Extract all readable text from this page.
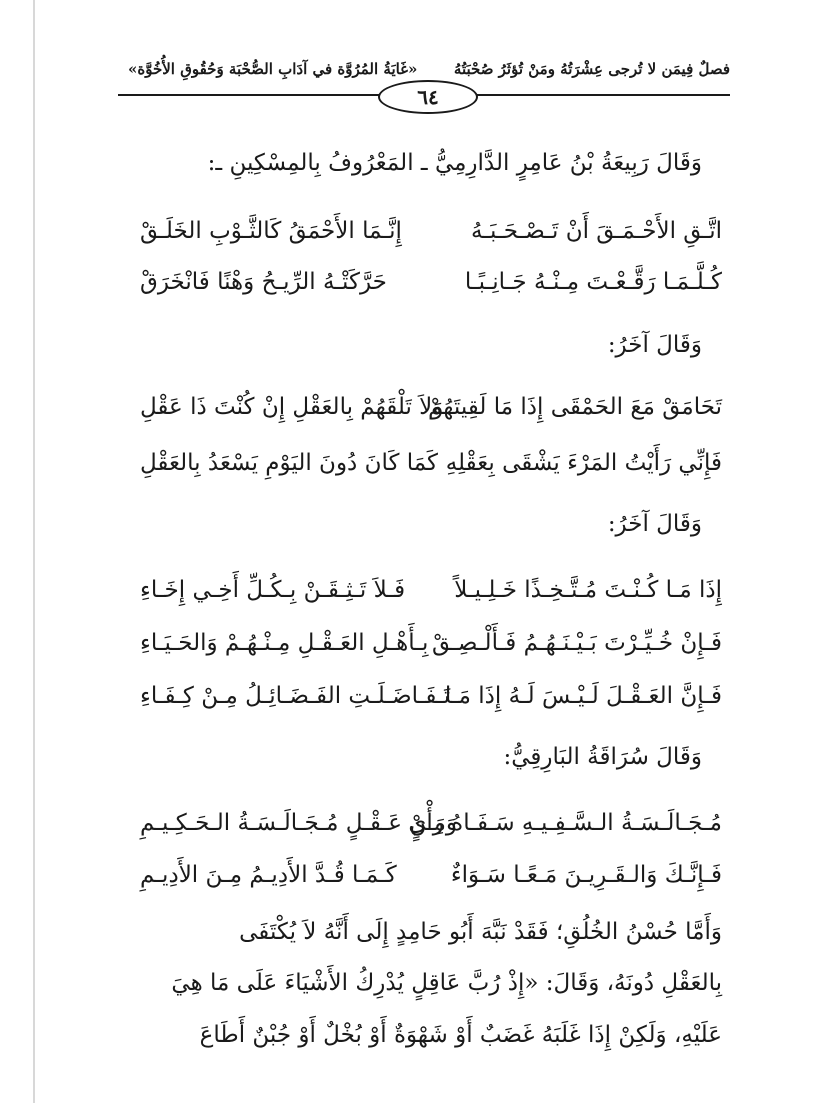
فصلٌ فِيمَن لا تُرجى عِشْرَتُهُ ومَنْ تُؤثَرُ صُحْبَتُهُ
«غَايَةُ المُرُوَّة في آدَابِ الصُّحْبَة وَحُقُوقِ الأُخُوَّة»
٦٤
وَقَالَ رَبِيعَةُ بْنُ عَامِرٍ الدَّارِمِيُّ ـ المَعْرُوفُ بِالمِسْكِينِ ـ:
اتَّـقِ الأَحْـمَـقَ أَنْ تَـصْـحَـبَـهُ
إِنَّـمَا الأَحْمَقُ كَالثَّـوْبِ الخَلَـقْ
كُـلَّـمَـا رَقَّـعْـتَ مِـنْـهُ جَـانِـبًـا
حَرَّكَتْـهُ الرِّيـحُ وَهْنًا فَانْخَرَقْ
وَقَالَ آخَرُ:
تَحَامَقْ مَعَ الحَمْقَى إِذَا مَا لَقِيتَهُمْ
وَلاَ تَلْقَهُمْ بِالعَقْلِ إِنْ كُنْتَ ذَا عَقْلِ
فَإِنِّي رَأَيْتُ المَرْءَ يَشْقَى بِعَقْلِهِ
كَمَا كَانَ دُونَ اليَوْمِ يَسْعَدُ بِالعَقْلِ
وَقَالَ آخَرُ:
إِذَا مَـا كُـنْـتَ مُـتَّـخِـذًا خَـلِـيـلاً
فَـلاَ تَـثِـقَـنْ بِـكُـلِّ أَخِـي إِخَـاءِ
فَـإِنْ خُـيِّـرْتَ بَـيْـنَـهُـمُ فَـأَلْـصِـقْ
بِـأَهْـلِ العَـقْـلِ مِـنْـهُـمْ وَالحَـيَـاءِ
فَـإِنَّ العَـقْـلَ لَـيْـسَ لَـهُ إِذَا مَـا
تَـفَـاضَـلَـتِ الفَـضَـائِـلُ مِـنْ كِـفَـاءِ
وَقَالَ سُرَاقَةُ البَارِقِيُّ:
مُـجَـالَـسَـةُ الـسَّـفِـيـهِ سَـفَـاهُ رَأْيٍ
وَمِـنْ عَـقْـلٍ مُـجَـالَـسَـةُ الـحَـكِـيـمِ
فَـإِنَّـكَ وَالـقَـرِيـنَ مَـعًـا سَـوَاءٌ
كَـمَـا قُـدَّ الأَدِيـمُ مِـنَ الأَدِيـمِ
وَأَمَّا حُسْنُ الخُلُقِ؛ فَقَدْ نَبَّهَ أَبُو حَامِدٍ إِلَى أَنَّهُ لاَ يُكْتَفَى
بِالعَقْلِ دُونَهُ، وَقَالَ: «إِذْ رُبَّ عَاقِلٍ يُدْرِكُ الأَشْيَاءَ عَلَى مَا هِيَ
عَلَيْهِ، وَلَكِنْ إِذَا غَلَبَهُ غَضَبٌ أَوْ شَهْوَةٌ أَوْ بُخْلٌ أَوْ جُبْنٌ أَطَاعَ
